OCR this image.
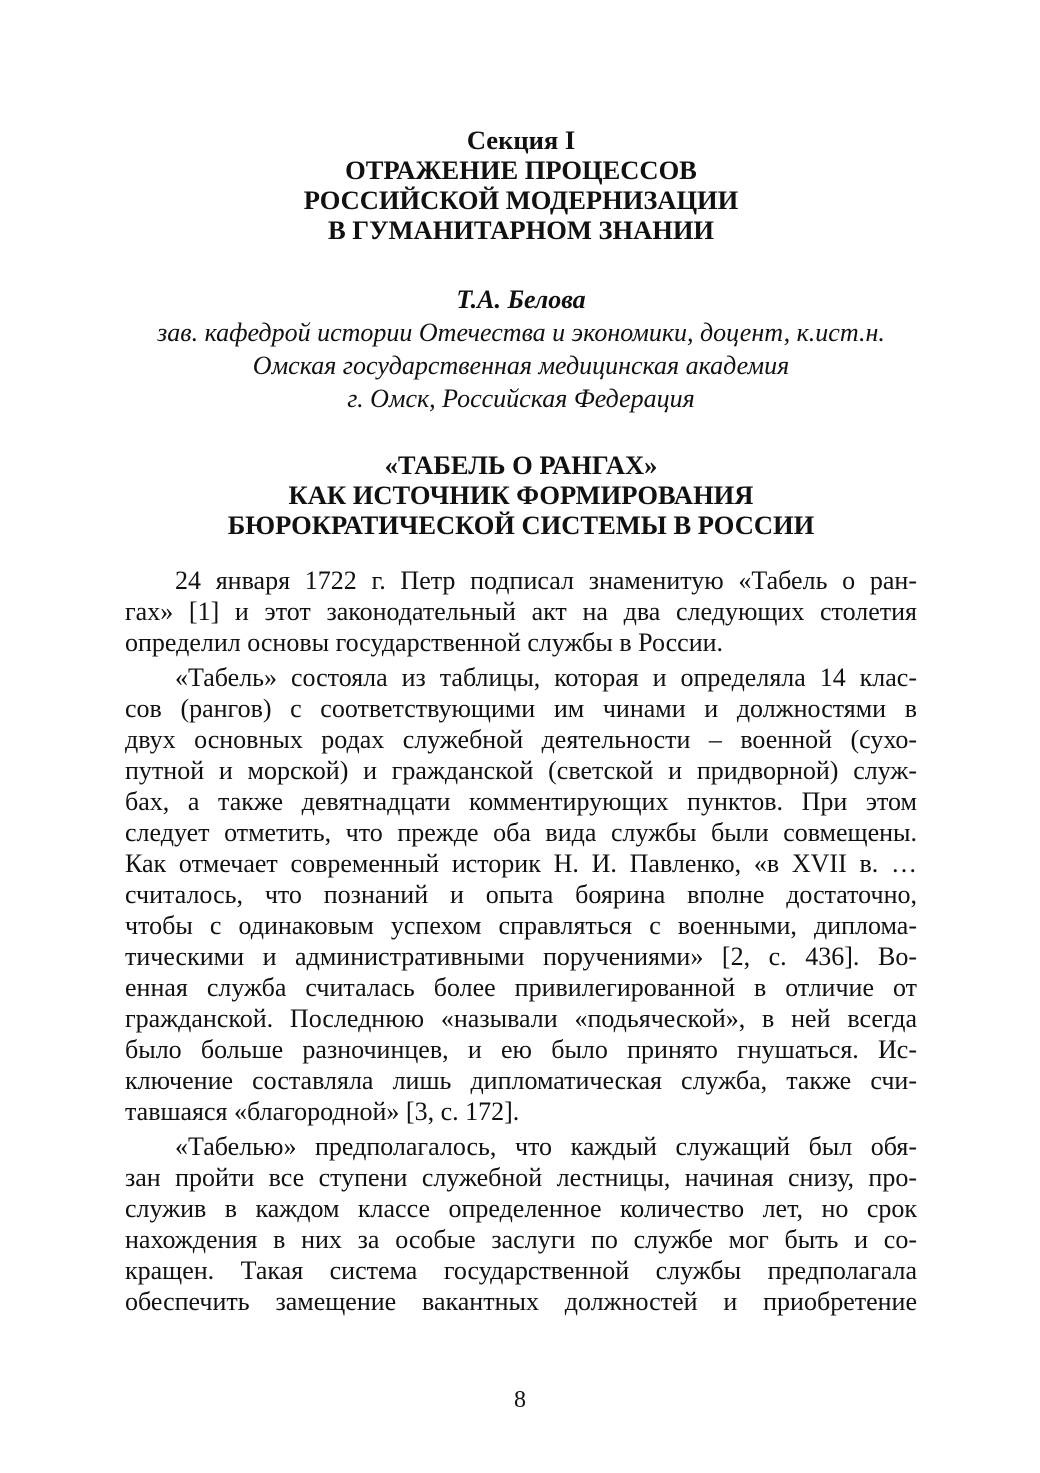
Секция I
ОТРАЖЕНИЕ ПРОЦЕССОВ
РОССИЙСКОЙ МОДЕРНИЗАЦИИ
В ГУМАНИТАРНОМ ЗНАНИИ
Т.А. Белова
зав. кафедрой истории Отечества и экономики, доцент, к.ист.н.
Омская государственная медицинская академия
г. Омск, Российская Федерация
«ТАБЕЛЬ О РАНГАХ»
КАК ИСТОЧНИК ФОРМИРОВАНИЯ
БЮРОКРАТИЧЕСКОЙ СИСТЕМЫ В РОССИИ
24 января 1722 г. Петр подписал знаменитую «Табель о ран-
гах» [1] и этот законодательный акт на два следующих столетия
определил основы государственной службы в России.
«Табель» состояла из таблицы, которая и определяла 14 клас-
сов (рангов) с соответствующими им чинами и должностями в
двух основных родах служебной деятельности – военной (сухо-
путной и морской) и гражданской (светской и придворной) служ-
бах, а также девятнадцати комментирующих пунктов. При этом
следует отметить, что прежде оба вида службы были совмещены.
Как отмечает современный историк Н. И. Павленко, «в XVII в. …
считалось, что познаний и опыта боярина вполне достаточно,
чтобы с одинаковым успехом справляться с военными, диплома-
тическими и административными поручениями» [2, с. 436]. Во-
енная служба считалась более привилегированной в отличие от
гражданской. Последнюю «называли «подьяческой», в ней всегда
было больше разночинцев, и ею было принято гнушаться. Ис-
ключение составляла лишь дипломатическая служба, также счи-
тавшаяся «благородной» [3, с. 172].
«Табелью» предполагалось, что каждый служащий был обя-
зан пройти все ступени служебной лестницы, начиная снизу, про-
служив в каждом классе определенное количество лет, но срок
нахождения в них за особые заслуги по службе мог быть и со-
кращен. Такая система государственной службы предполагала
обеспечить замещение вакантных должностей и приобретение
8
